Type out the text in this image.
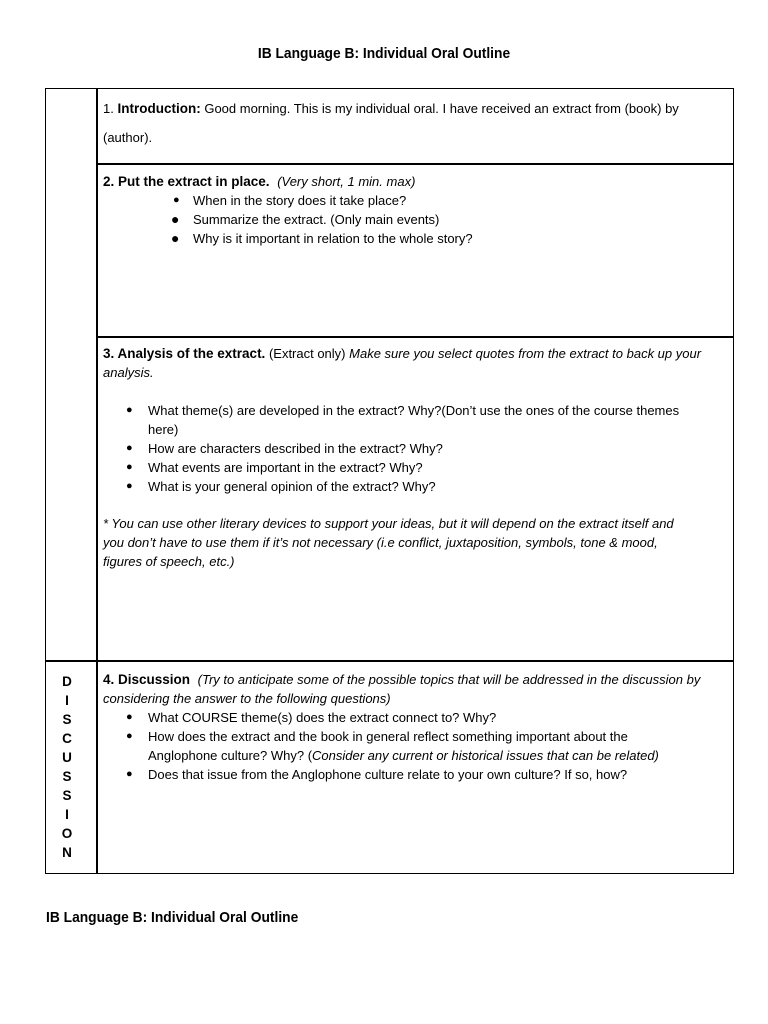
IB Language B: Individual Oral Outline
1. Introduction: Good morning. This is my individual oral. I have received an extract from (book) by
(author).
2. Put the extract in place. (Very short, 1 min. max)
● When in the story does it take place?
● Summarize the extract. (Only main events)
● Why is it important in relation to the whole story?
3. Analysis of the extract. (Extract only) Make sure you select quotes from the extract to back up your
analysis.
● What theme(s) are developed in the extract? Why?(Don’t use the ones of the course themes
here)
● How are characters described in the extract? Why?
● What events are important in the extract? Why?
● What is your general opinion of the extract? Why?
* You can use other literary devices to support your ideas, but it will depend on the extract itself and
you don’t have to use them if it’s not necessary (i.e conflict, juxtaposition, symbols, tone & mood,
figures of speech, etc.)
D
I
S
C
U
S
S
I
O
N
4. Discussion (Try to anticipate some of the possible topics that will be addressed in the discussion by
considering the answer to the following questions)
● What COURSE theme(s) does the extract connect to? Why?
● How does the extract and the book in general reflect something important about the
Anglophone culture? Why? (Consider any current or historical issues that can be related)
● Does that issue from the Anglophone culture relate to your own culture? If so, how?
IB Language B: Individual Oral Outline
